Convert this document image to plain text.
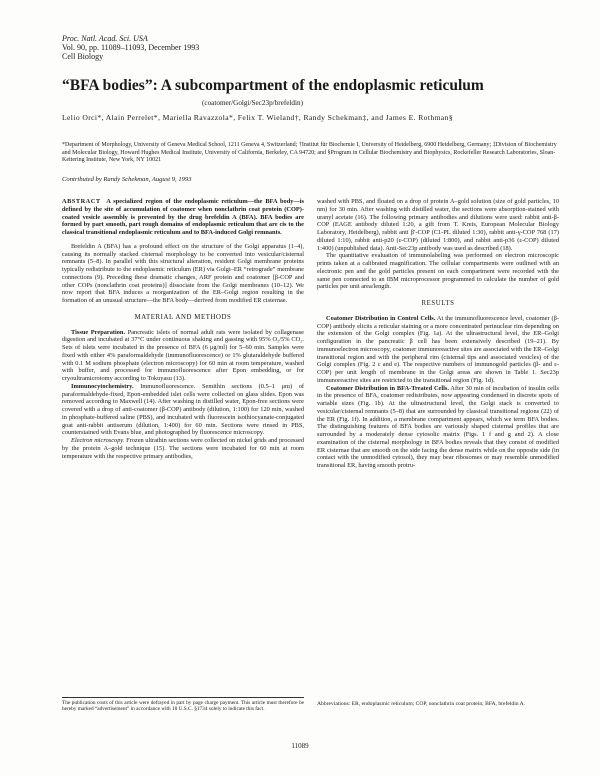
Proc. Natl. Acad. Sci. USA
Vol. 90, pp. 11089–11093, December 1993
Cell Biology
“BFA bodies”: A subcompartment of the endoplasmic reticulum
(coatomer/Golgi/Sec23p/brefeldin)
Lelio Orci*, Alain Perrelet*, Mariella Ravazzola*, Felix T. Wieland†, Randy Schekman‡, and James E. Rothman§
*Department of Morphology, University of Geneva Medical School, 1211 Geneva 4, Switzerland; †Institut für Biochemie I, University of Heidelberg, 6900 Heidelberg, Germany; ‡Division of Biochemistry and Molecular Biology, Howard Hughes Medical Institute, University of California, Berkeley, CA 94720; and §Program in Cellular Biochemistry and Biophysics, Rockefeller Research Laboratories, Sloan-Kettering Institute, New York, NY 10021
Contributed by Randy Schekman, August 9, 1993

ABSTRACT A specialized region of the endoplasmic reticulum—the BFA body—is defined by the site of accumulation of coatomer when nonclathrin coat protein (COP)-coated vesicle assembly is prevented by the drug brefeldin A (BFA). BFA bodies are formed by part smooth, part rough domains of endoplasmic reticulum that are cis to the classical transitional endoplasmic reticulum and to BFA-induced Golgi remnants.

Brefeldin A (BFA) has a profound effect on the structure of the Golgi apparatus (1–4), causing its normally stacked cisternal morphology to be converted into vesicular/cisternal remnants (5–8). In parallel with this structural alteration, resident Golgi membrane proteins typically redistribute to the endoplasmic reticulum (ER) via Golgi–ER “retrograde” membrane connections (9). Preceding these dramatic changes, ARF protein and coatomer [β-COP and other COPs (nonclathrin coat proteins)] dissociate from the Golgi membranes (10–12). We now report that BFA induces a reorganization of the ER–Golgi region resulting in the formation of an unusual structure—the BFA body—derived from modified ER cisternae.

MATERIAL AND METHODS

Tissue Preparation. Pancreatic islets of normal adult rats were isolated by collagenase digestion and incubated at 37°C under continuous shaking and gassing with 95% O₂/5% CO₂. Sets of islets were incubated in the presence of BFA (6 μg/ml) for 5–60 min. Samples were fixed with either 4% paraformaldehyde (immunofluorescence) or 1% glutaraldehyde buffered with 0.1 M sodium phosphate (electron microscopy) for 60 min at room temperature, washed with buffer, and processed for immunofluorescence after Epon embedding, or for cryoultramicrotomy according to Tokuyasu (13).

Immunocytochemistry. Immunofluorescence. Semithin sections (0.5–1 μm) of paraformaldehyde-fixed, Epon-embedded islet cells were collected on glass slides. Epon was removed according to Maxwell (14). After washing in distilled water, Epon-free sections were covered with a drop of anti-coatomer (β-COP) antibody (dilution, 1:100) for 120 min, washed in phosphate-buffered saline (PBS), and incubated with fluorescein isothiocyanate-conjugated goat anti-rabbit antiserum (dilution, 1:400) for 60 min. Sections were rinsed in PBS, counterstained with Evans blue, and photographed by fluorescence microscopy.

Electron microscopy. Frozen ultrathin sections were collected on nickel grids and processed by the protein A–gold technique (15). The sections were incubated for 60 min at room temperature with the respective primary antibodies,

washed with PBS, and floated on a drop of protein A–gold solution (size of gold particles, 10 nm) for 30 min. After washing with distilled water, the sections were absorption-stained with uranyl acetate (16). The following primary antibodies and dilutions were used: rabbit anti-β-COP (EAGE antibody diluted 1:20, a gift from T. Kreis, European Molecular Biology Laboratory, Heidelberg), rabbit anti β′-COP (C1-PL diluted 1:30), rabbit anti-γ-COP 768 (17) diluted 1:10), rabbit anti-p20 (ε-COP) (diluted 1:800), and rabbit anti-p36 (ε-COP) diluted 1:400) (unpublished data). Anti-Sec23p antibody was used as described (18).

The quantitative evaluation of immunolabeling was performed on electron microscopic prints taken at a calibrated magnification. The cellular compartments were outlined with an electronic pen and the gold particles present on each compartment were recorded with the same pen connected to an IBM microprocessor programmed to calculate the number of gold particles per unit area/length.

RESULTS

Coatomer Distribution in Control Cells. At the immunofluorescence level, coatomer (β-COP) antibody elicits a reticular staining or a more concentrated perinuclear rim depending on the extension of the Golgi complex (Fig. 1a). At the ultrastructural level, the ER–Golgi configuration in the pancreatic β cell has been extensively described (19–21). By immunoelectron microscopy, coatomer immunoreactive sites are associated with the ER–Golgi transitional region and with the peripheral rim (cisternal tips and associated vesicles) of the Golgi complex (Fig. 2 c and e). The respective numbers of immunogold particles (β- and ε-COP) per unit length of membrane in the Golgi areas are shown in Table 1. Sec23p immunoreactive sites are restricted to the transitional region (Fig. 1d).

Coatomer Distribution in BFA-Treated Cells. After 30 min of incubation of insulin cells in the presence of BFA, coatomer redistributes, now appearing condensed in discrete spots of variable sizes (Fig. 1b). At the ultrastructural level, the Golgi stack is converted to vesicular/cisternal remnants (5–8) that are surrounded by classical transitional regions (22) of the ER (Fig. 1f). In addition, a membrane compartment appears, which we term BFA bodies. The distinguishing features of BFA bodies are variously shaped cisternal profiles that are surrounded by a moderately dense cytosolic matrix (Figs. 1 f and g and 2). A close examination of the cisternal morphology in BFA bodies reveals that they consist of modified ER cisternae that are smooth on the side facing the dense matrix while on the opposite side (in contact with the unmodified cytosol), they may bear ribosomes or may resemble unmodified transitional ER, having smooth protru-

The publication costs of this article were defrayed in part by page charge payment. This article must therefore be hereby marked “advertisement” in accordance with 18 U.S.C. §1734 solely to indicate this fact.
Abbreviations: ER, endoplasmic reticulum; COP, nonclathrin coat protein; BFA, brefeldin A.
11089
